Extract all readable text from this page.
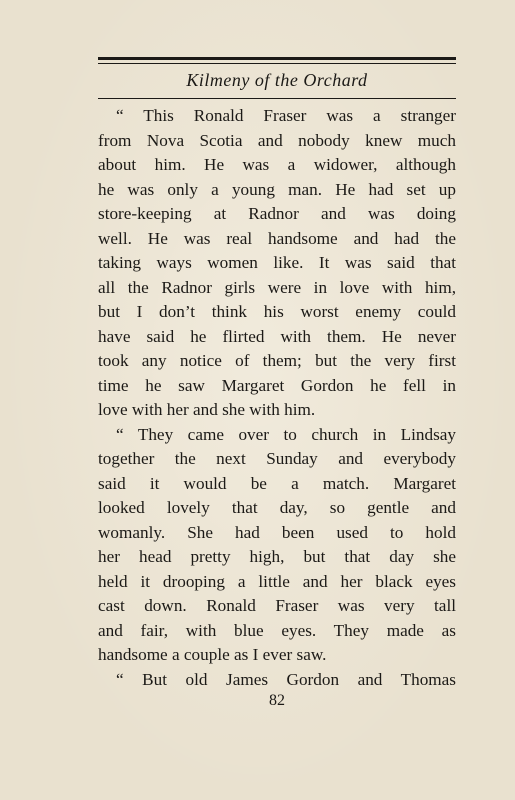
Kilmeny of the Orchard
“ This Ronald Fraser was a stranger
from Nova Scotia and nobody knew much
about him. He was a widower, although
he was only a young man. He had set up
store-keeping at Radnor and was doing
well. He was real handsome and had the
taking ways women like. It was said that
all the Radnor girls were in love with him,
but I don’t think his worst enemy could
have said he flirted with them. He never
took any notice of them; but the very first
time he saw Margaret Gordon he fell in
love with her and she with him.
“ They came over to church in Lindsay
together the next Sunday and everybody
said it would be a match. Margaret
looked lovely that day, so gentle and
womanly. She had been used to hold
her head pretty high, but that day she
held it drooping a little and her black eyes
cast down. Ronald Fraser was very tall
and fair, with blue eyes. They made as
handsome a couple as I ever saw.
“ But old James Gordon and Thomas
82
